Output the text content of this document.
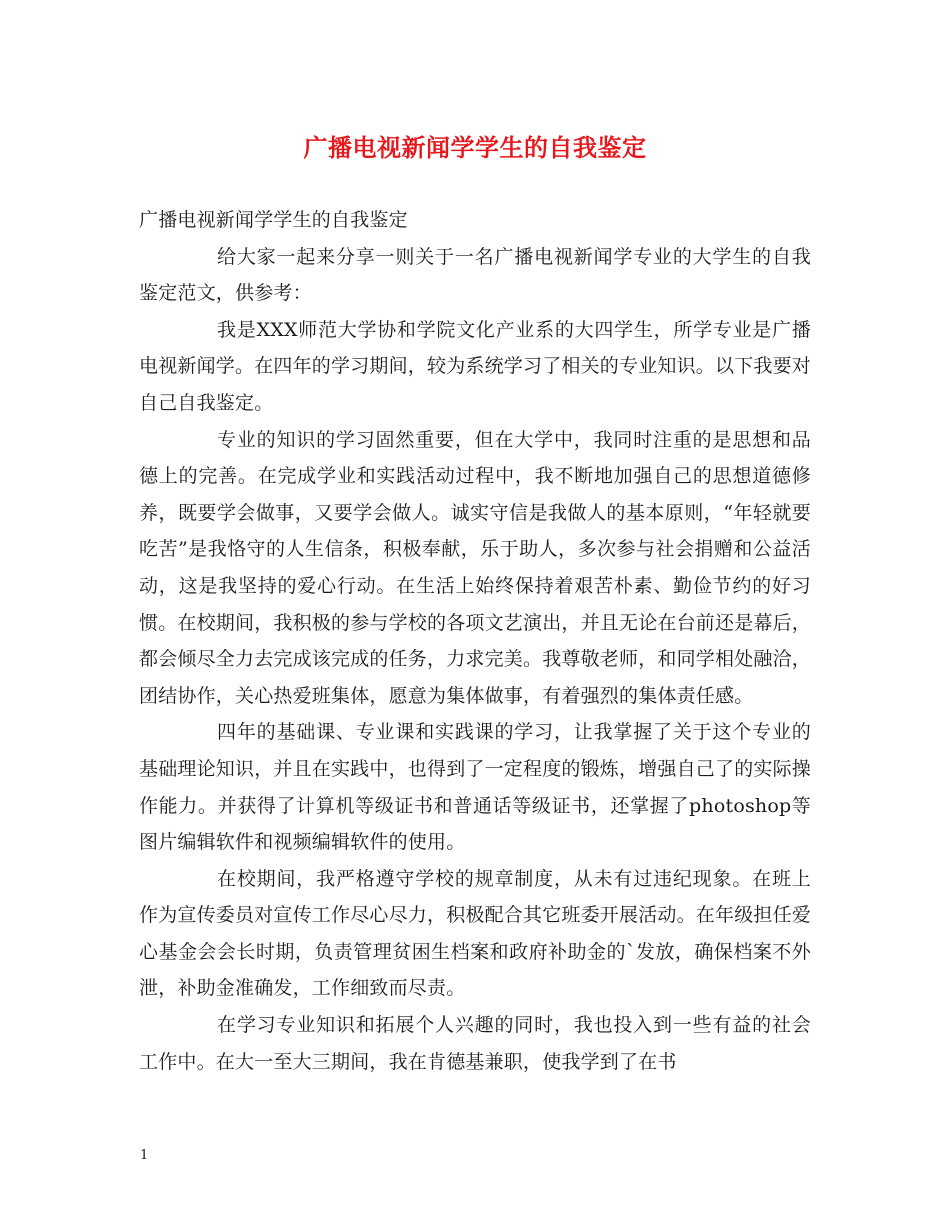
广播电视新闻学学生的自我鉴定

广播电视新闻学学生的自我鉴定

给大家一起来分享一则关于一名广播电视新闻学专业的大学生的自我鉴定范文，供参考：

我是XXX师范大学协和学院文化产业系的大四学生，所学专业是广播电视新闻学。在四年的学习期间，较为系统学习了相关的专业知识。以下我要对自己自我鉴定。

专业的知识的学习固然重要，但在大学中，我同时注重的是思想和品德上的完善。在完成学业和实践活动过程中，我不断地加强自己的思想道德修养，既要学会做事，又要学会做人。诚实守信是我做人的基本原则，“年轻就要吃苦”是我恪守的人生信条，积极奉献，乐于助人，多次参与社会捐赠和公益活动，这是我坚持的爱心行动。在生活上始终保持着艰苦朴素、勤俭节约的好习惯。在校期间，我积极的参与学校的各项文艺演出，并且无论在台前还是幕后，都会倾尽全力去完成该完成的任务，力求完美。我尊敬老师，和同学相处融洽，团结协作，关心热爱班集体，愿意为集体做事，有着强烈的集体责任感。

四年的基础课、专业课和实践课的学习，让我掌握了关于这个专业的基础理论知识，并且在实践中，也得到了一定程度的锻炼，增强自己了的实际操作能力。并获得了计算机等级证书和普通话等级证书，还掌握了photoshop等图片编辑软件和视频编辑软件的使用。

在校期间，我严格遵守学校的规章制度，从未有过违纪现象。在班上作为宣传委员对宣传工作尽心尽力，积极配合其它班委开展活动。在年级担任爱心基金会会长时期，负责管理贫困生档案和政府补助金的`发放，确保档案不外泄，补助金准确发，工作细致而尽责。

在学习专业知识和拓展个人兴趣的同时，我也投入到一些有益的社会工作中。在大一至大三期间，我在肯德基兼职，使我学到了在书

1
